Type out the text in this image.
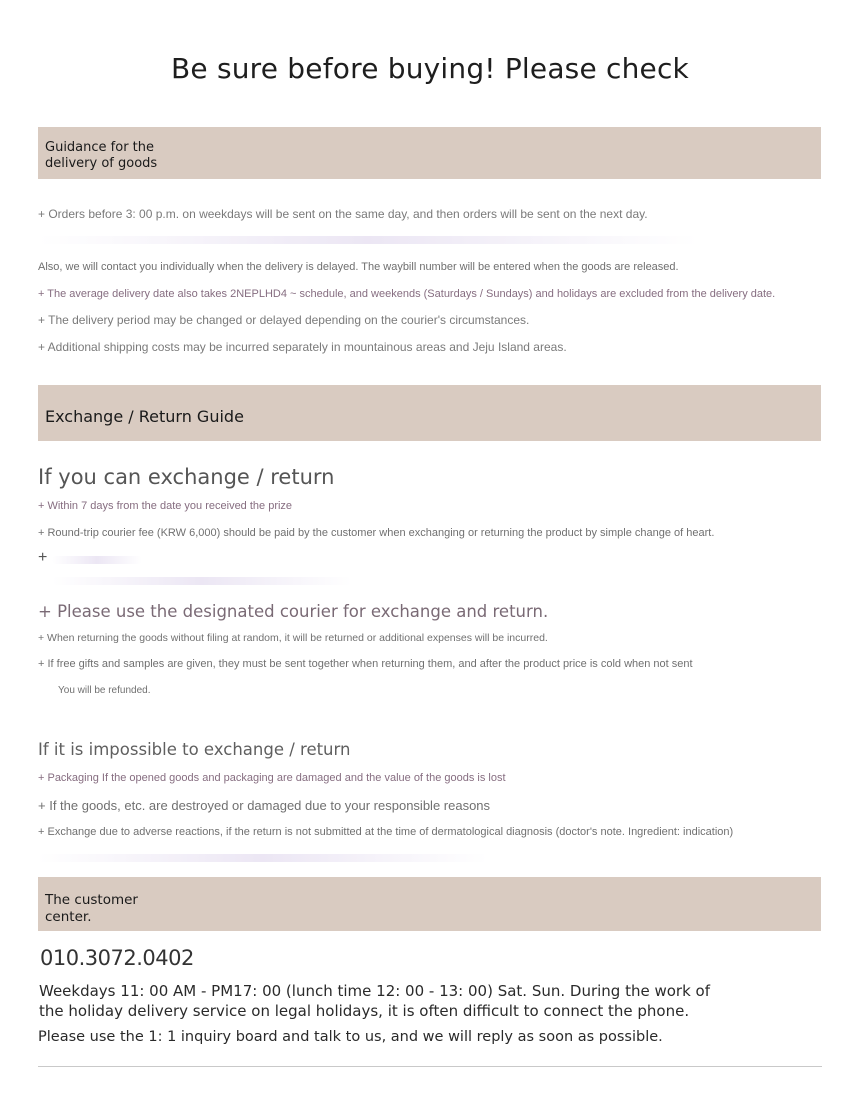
Be sure before buying! Please check
Guidance for the
delivery of goods
+ Orders before 3: 00 p.m. on weekdays will be sent on the same day, and then orders will be sent on the next day.
Also, we will contact you individually when the delivery is delayed. The waybill number will be entered when the goods are released.
+ The average delivery date also takes 2NEPLHD4 ~ schedule, and weekends (Saturdays / Sundays) and holidays are excluded from the delivery date.
+ The delivery period may be changed or delayed depending on the courier's circumstances.
+ Additional shipping costs may be incurred separately in mountainous areas and Jeju Island areas.
Exchange / Return Guide
If you can exchange / return
+ Within 7 days from the date you received the prize
+ Round-trip courier fee (KRW 6,000) should be paid by the customer when exchanging or returning the product by simple change of heart.
+
+ Please use the designated courier for exchange and return.
+ When returning the goods without filing at random, it will be returned or additional expenses will be incurred.
+ If free gifts and samples are given, they must be sent together when returning them, and after the product price is cold when not sent
You will be refunded.
If it is impossible to exchange / return
+ Packaging If the opened goods and packaging are damaged and the value of the goods is lost
+ If the goods, etc. are destroyed or damaged due to your responsible reasons
+ Exchange due to adverse reactions, if the return is not submitted at the time of dermatological diagnosis (doctor's note. Ingredient: indication)
The customer
center.
010.3072.0402
Weekdays 11: 00 AM - PM17: 00 (lunch time 12: 00 - 13: 00) Sat. Sun. During the work of
the holiday delivery service on legal holidays, it is often difficult to connect the phone.
Please use the 1: 1 inquiry board and talk to us, and we will reply as soon as possible.
